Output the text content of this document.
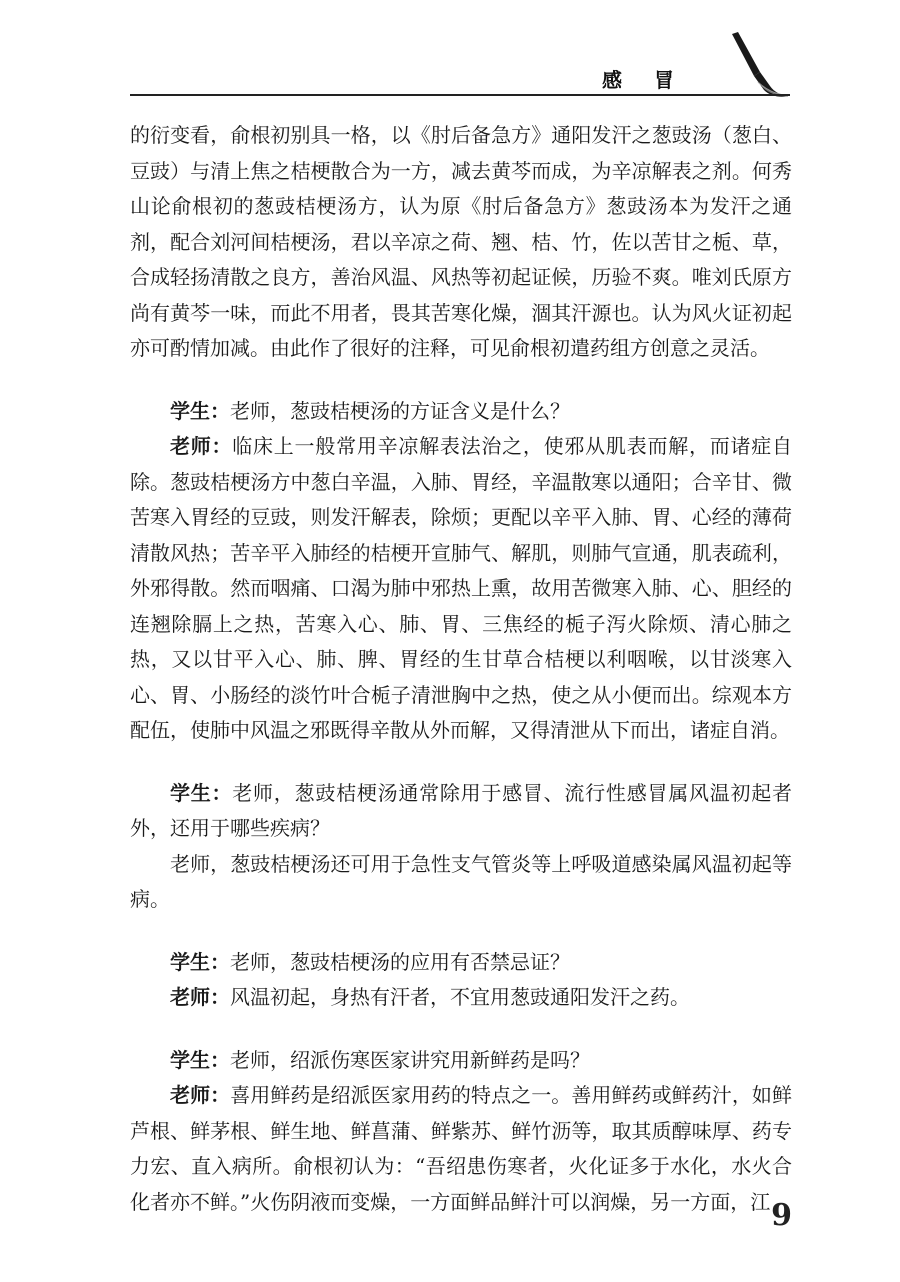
感冒

的衍变看，俞根初别具一格，以《肘后备急方》通阳发汗之葱豉汤（葱白、豆豉）与清上焦之桔梗散合为一方，减去黄芩而成，为辛凉解表之剂。何秀山论俞根初的葱豉桔梗汤方，认为原《肘后备急方》葱豉汤本为发汗之通剂，配合刘河间桔梗汤，君以辛凉之荷、翘、桔、竹，佐以苦甘之栀、草，合成轻扬清散之良方，善治风温、风热等初起证候，历验不爽。唯刘氏原方尚有黄芩一味，而此不用者，畏其苦寒化燥，涸其汗源也。认为风火证初起亦可酌情加减。由此作了很好的注释，可见俞根初遣药组方创意之灵活。

学生：老师，葱豉桔梗汤的方证含义是什么？

老师：临床上一般常用辛凉解表法治之，使邪从肌表而解，而诸症自除。葱豉桔梗汤方中葱白辛温，入肺、胃经，辛温散寒以通阳；合辛甘、微苦寒入胃经的豆豉，则发汗解表，除烦；更配以辛平入肺、胃、心经的薄荷清散风热；苦辛平入肺经的桔梗开宣肺气、解肌，则肺气宣通，肌表疏利，外邪得散。然而咽痛、口渴为肺中邪热上熏，故用苦微寒入肺、心、胆经的连翘除膈上之热，苦寒入心、肺、胃、三焦经的栀子泻火除烦、清心肺之热，又以甘平入心、肺、脾、胃经的生甘草合桔梗以利咽喉，以甘淡寒入心、胃、小肠经的淡竹叶合栀子清泄胸中之热，使之从小便而出。综观本方配伍，使肺中风温之邪既得辛散从外而解，又得清泄从下而出，诸症自消。

学生：老师，葱豉桔梗汤通常除用于感冒、流行性感冒属风温初起者外，还用于哪些疾病？

老师，葱豉桔梗汤还可用于急性支气管炎等上呼吸道感染属风温初起等病。

学生：老师，葱豉桔梗汤的应用有否禁忌证？

老师：风温初起，身热有汗者，不宜用葱豉通阳发汗之药。

学生：老师，绍派伤寒医家讲究用新鲜药是吗？

老师：喜用鲜药是绍派医家用药的特点之一。善用鲜药或鲜药汁，如鲜芦根、鲜茅根、鲜生地、鲜菖蒲、鲜紫苏、鲜竹沥等，取其质醇味厚、药专力宏、直入病所。俞根初认为：“吾绍患伤寒者，火化证多于水化，水火合化者亦不鲜。”火伤阴液而变燥，一方面鲜品鲜汁可以润燥，另一方面，江 9
